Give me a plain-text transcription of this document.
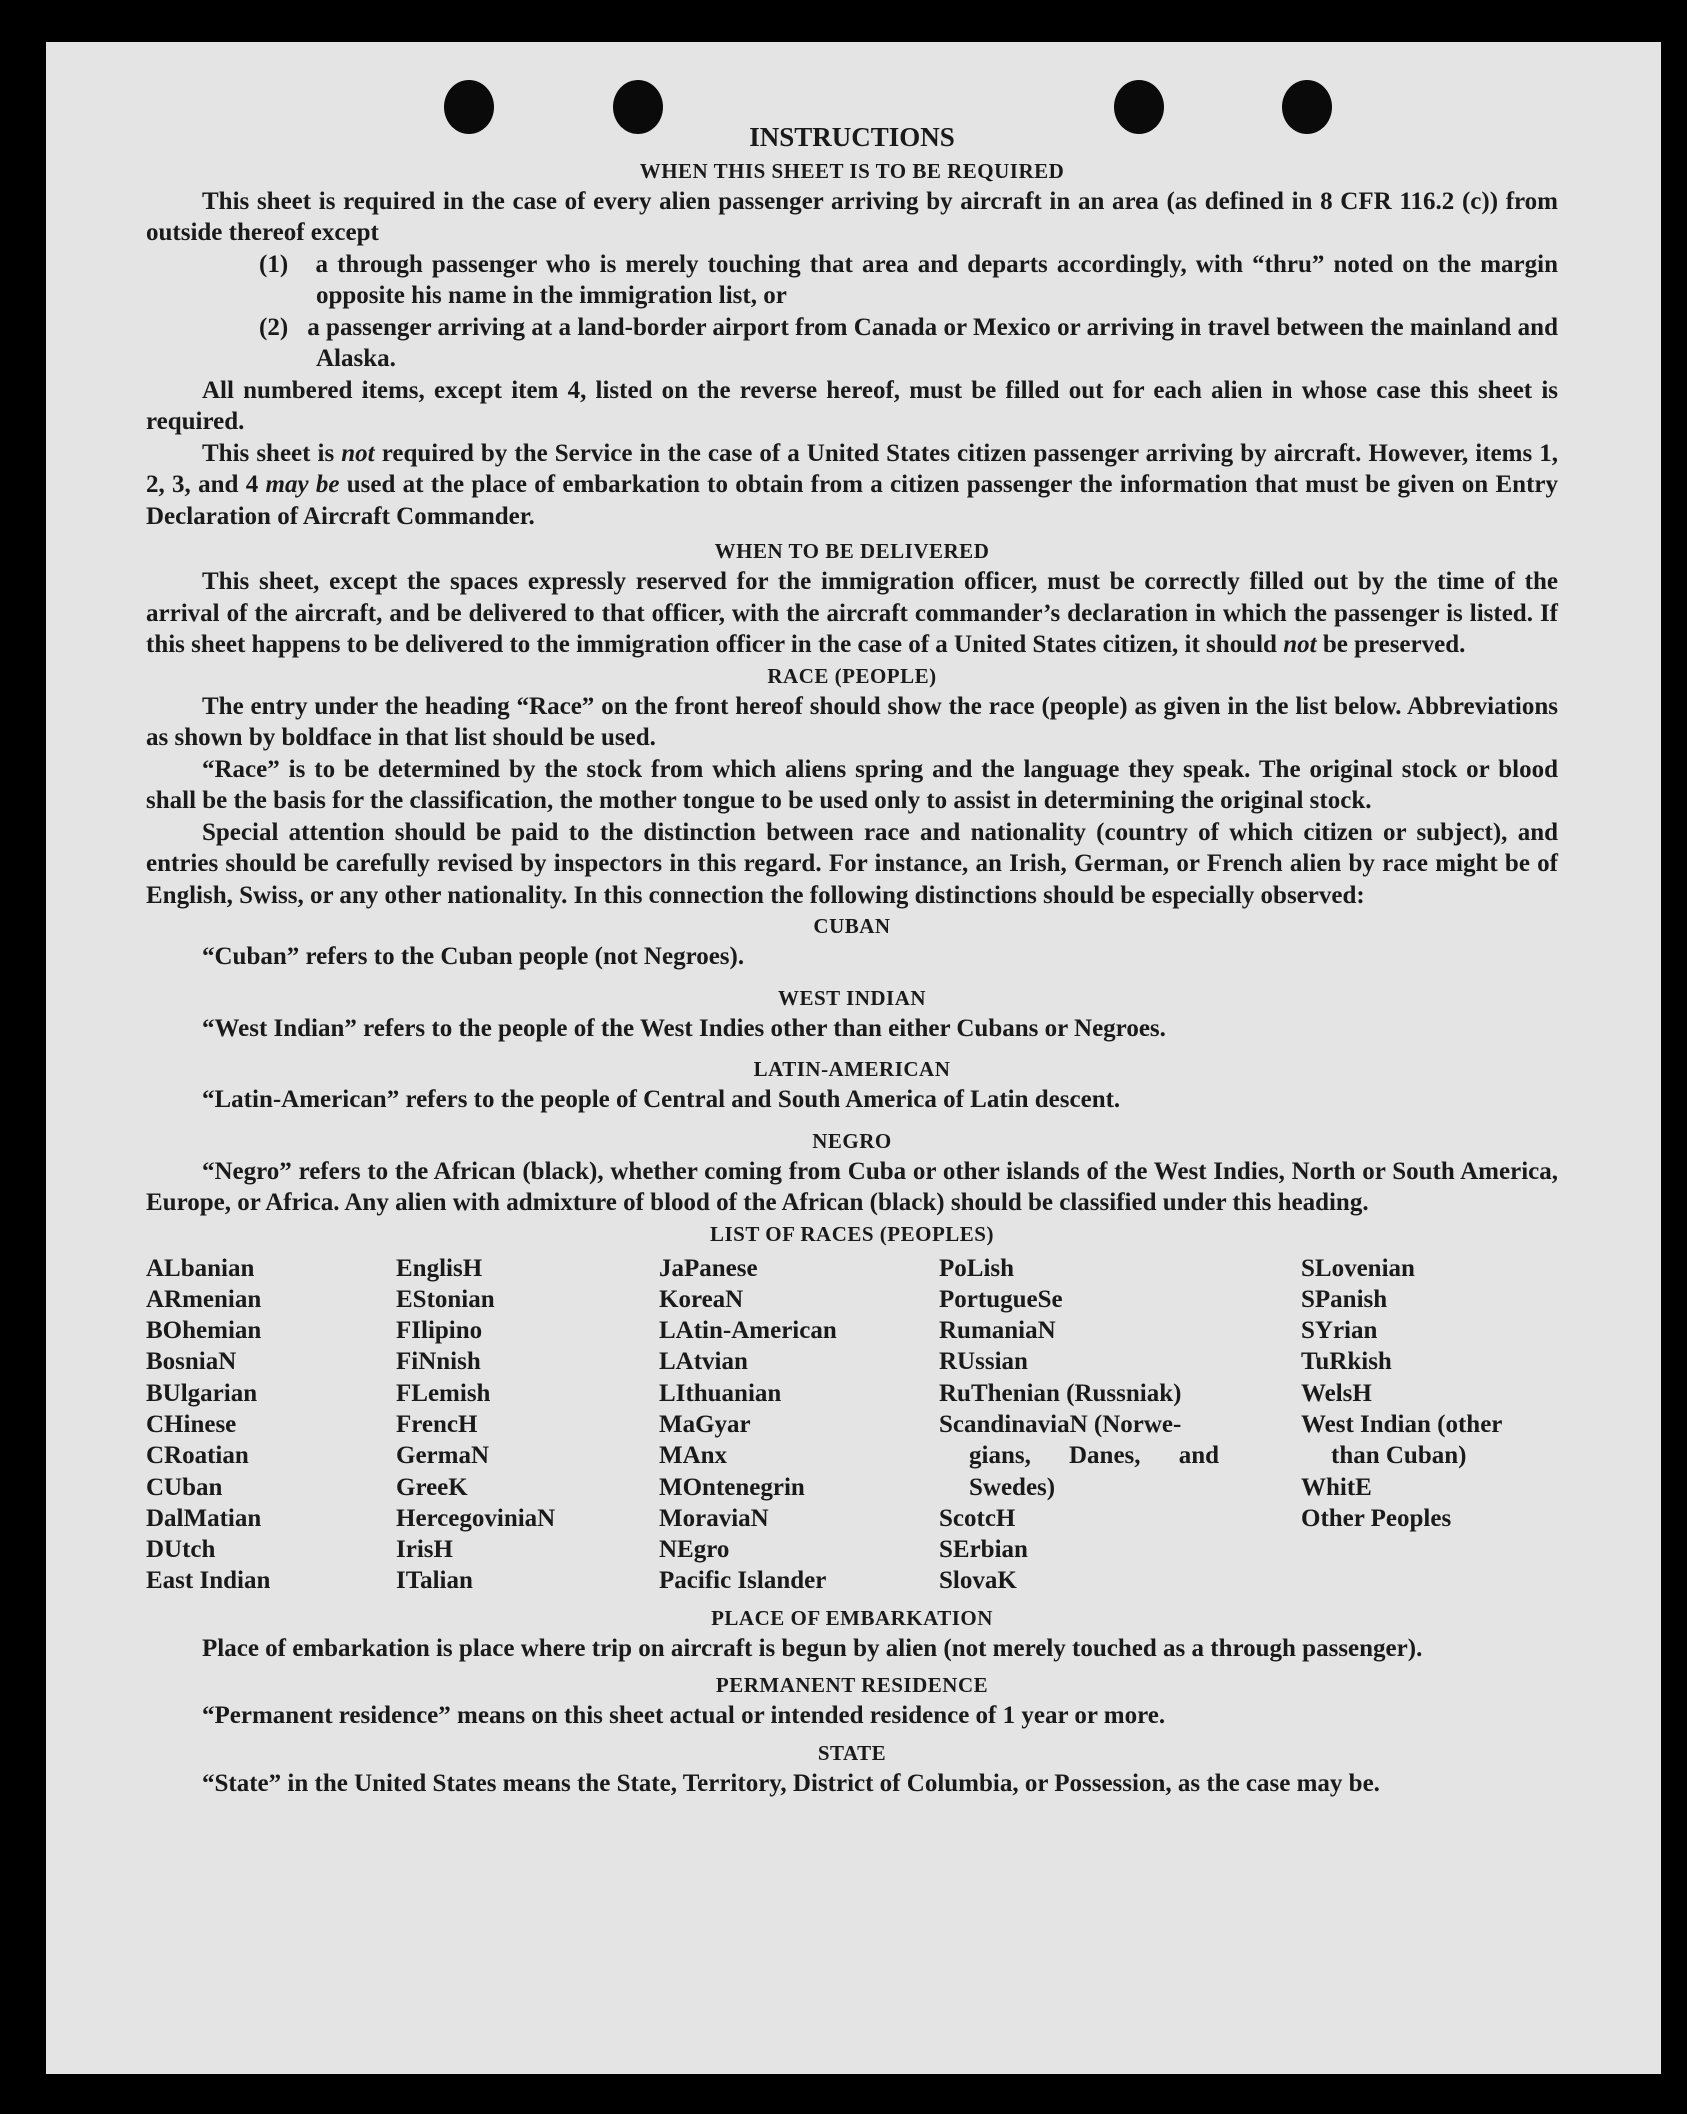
INSTRUCTIONS
WHEN THIS SHEET IS TO BE REQUIRED

This sheet is required in the case of every alien passenger arriving by aircraft in an area (as defined in 8 CFR 116.2 (c)) from outside thereof except

(1) a through passenger who is merely touching that area and departs accordingly, with “thru” noted on the margin opposite his name in the immigration list, or

(2) a passenger arriving at a land-border airport from Canada or Mexico or arriving in travel between the mainland and Alaska.

All numbered items, except item 4, listed on the reverse hereof, must be filled out for each alien in whose case this sheet is required.

This sheet is not required by the Service in the case of a United States citizen passenger arriving by aircraft. However, items 1, 2, 3, and 4 may be used at the place of embarkation to obtain from a citizen passenger the information that must be given on Entry Declaration of Aircraft Commander.

WHEN TO BE DELIVERED

This sheet, except the spaces expressly reserved for the immigration officer, must be correctly filled out by the time of the arrival of the aircraft, and be delivered to that officer, with the aircraft commander’s declaration in which the passenger is listed. If this sheet happens to be delivered to the immigration officer in the case of a United States citizen, it should not be preserved.

RACE (PEOPLE)

The entry under the heading “Race” on the front hereof should show the race (people) as given in the list below. Abbreviations as shown by boldface in that list should be used.

“Race” is to be determined by the stock from which aliens spring and the language they speak. The original stock or blood shall be the basis for the classification, the mother tongue to be used only to assist in determining the original stock.

Special attention should be paid to the distinction between race and nationality (country of which citizen or subject), and entries should be carefully revised by inspectors in this regard. For instance, an Irish, German, or French alien by race might be of English, Swiss, or any other nationality. In this connection the following distinctions should be especially observed:

CUBAN

“Cuban” refers to the Cuban people (not Negroes).

WEST INDIAN

“West Indian” refers to the people of the West Indies other than either Cubans or Negroes.

LATIN-AMERICAN

“Latin-American” refers to the people of Central and South America of Latin descent.

NEGRO

“Negro” refers to the African (black), whether coming from Cuba or other islands of the West Indies, North or South America, Europe, or Africa. Any alien with admixture of blood of the African (black) should be classified under this heading.

LIST OF RACES (PEOPLES)
ALbanian
ARmenian
BOhemian
BosniaN
BUlgarian
CHinese
CRoatian
CUban
DalMatian
DUtch
East Indian
EnglisH
EStonian
FIlipino
FiNnish
FLemish
FrencH
GermaN
GreeK
HercegoviniaN
IrisH
ITalian
JaPanese
KoreaN
LAtin-American
LAtvian
LIthuanian
MaGyar
MAnx
MOntenegrin
MoraviaN
NEgro
Pacific Islander
PoLish
PortugueSe
RumaniaN
RUssian
RuThenian (Russniak)
ScandinaviaN (Norwe-
gians, Danes, and
Swedes)
ScotcH
SErbian
SlovaK
SLovenian
SPanish
SYrian
TuRkish
WelsH
West Indian (other
than Cuban)
WhitE
Other Peoples
PLACE OF EMBARKATION

Place of embarkation is place where trip on aircraft is begun by alien (not merely touched as a through passenger).

PERMANENT RESIDENCE

“Permanent residence” means on this sheet actual or intended residence of 1 year or more.

STATE

“State” in the United States means the State, Territory, District of Columbia, or Possession, as the case may be.
